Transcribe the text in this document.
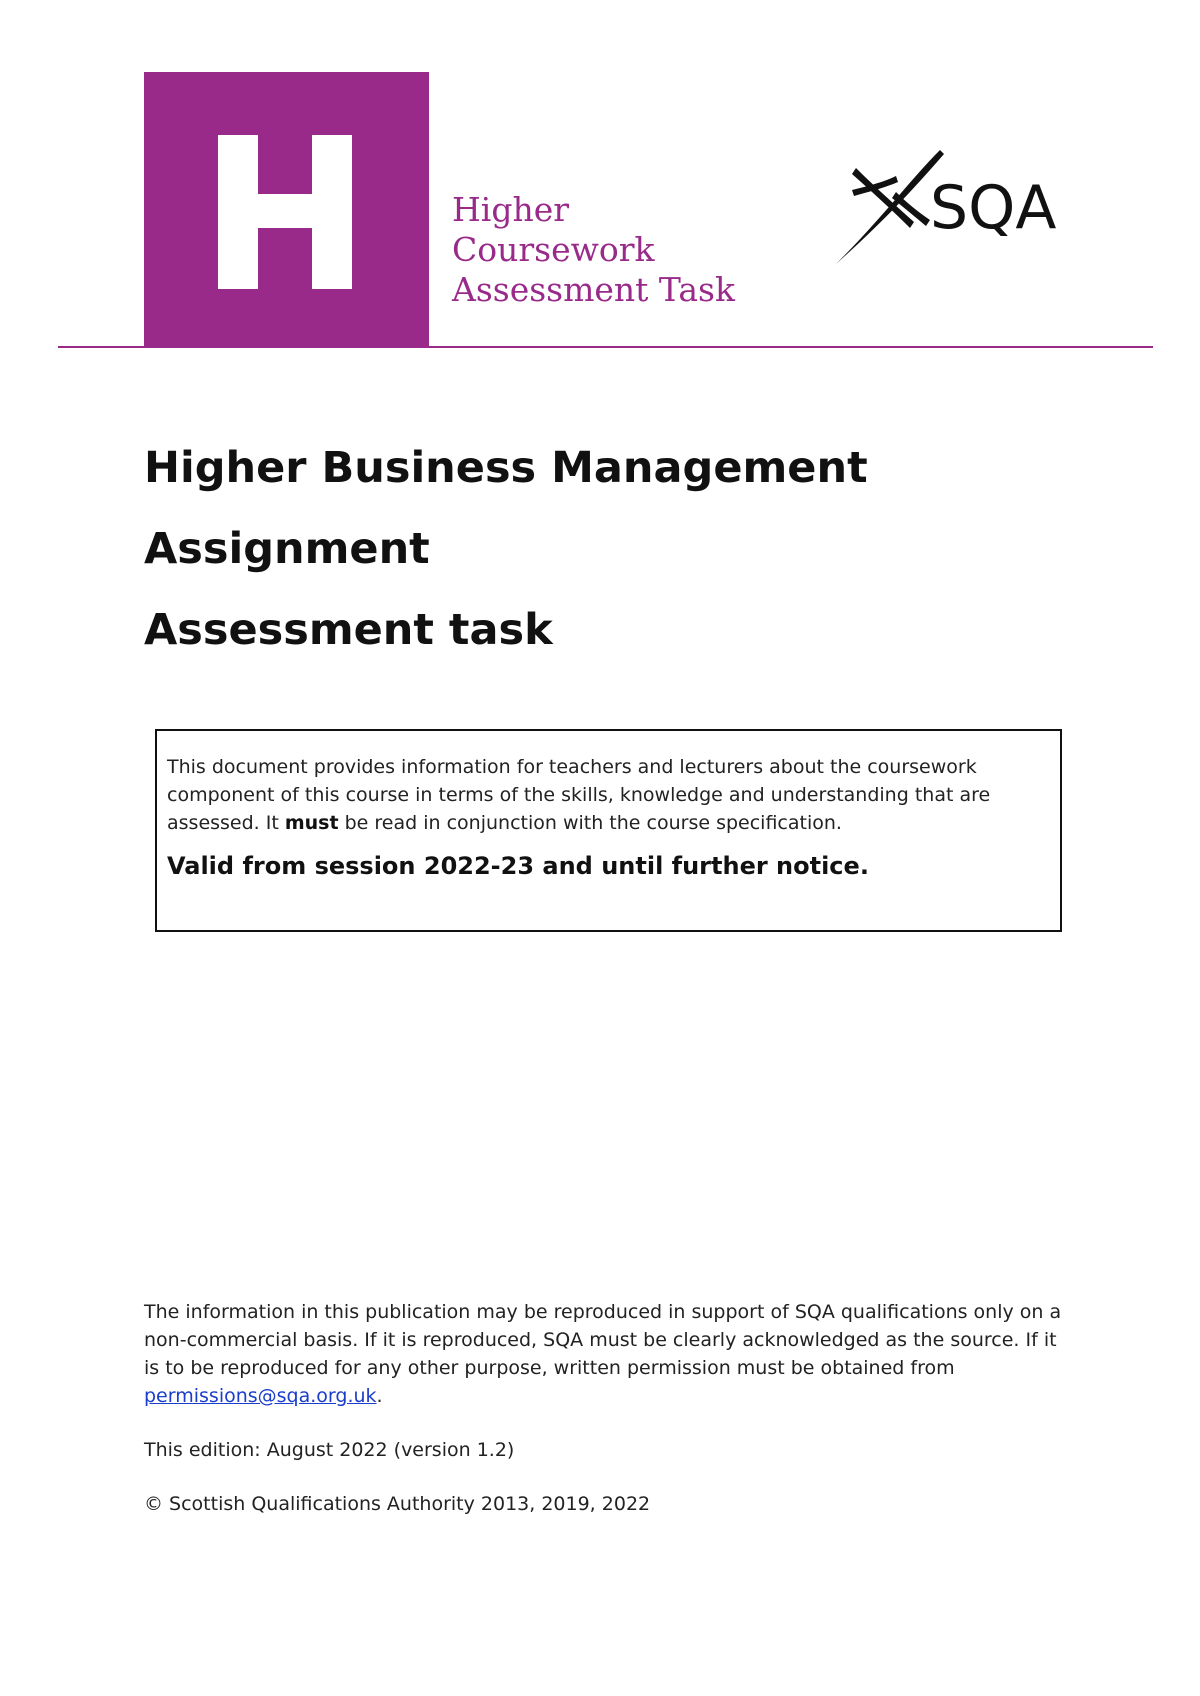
Higher
Coursework
Assessment Task
SQA
Higher Business Management
Assignment
Assessment task

This document provides information for teachers and lecturers about the coursework component of this course in terms of the skills, knowledge and understanding that are assessed. It must be read in conjunction with the course specification.

Valid from session 2022-23 and until further notice.

The information in this publication may be reproduced in support of SQA qualifications only on a non-commercial basis. If it is reproduced, SQA must be clearly acknowledged as the source. If it is to be reproduced for any other purpose, written permission must be obtained from permissions@sqa.org.uk.

This edition: August 2022 (version 1.2)

© Scottish Qualifications Authority 2013, 2019, 2022
